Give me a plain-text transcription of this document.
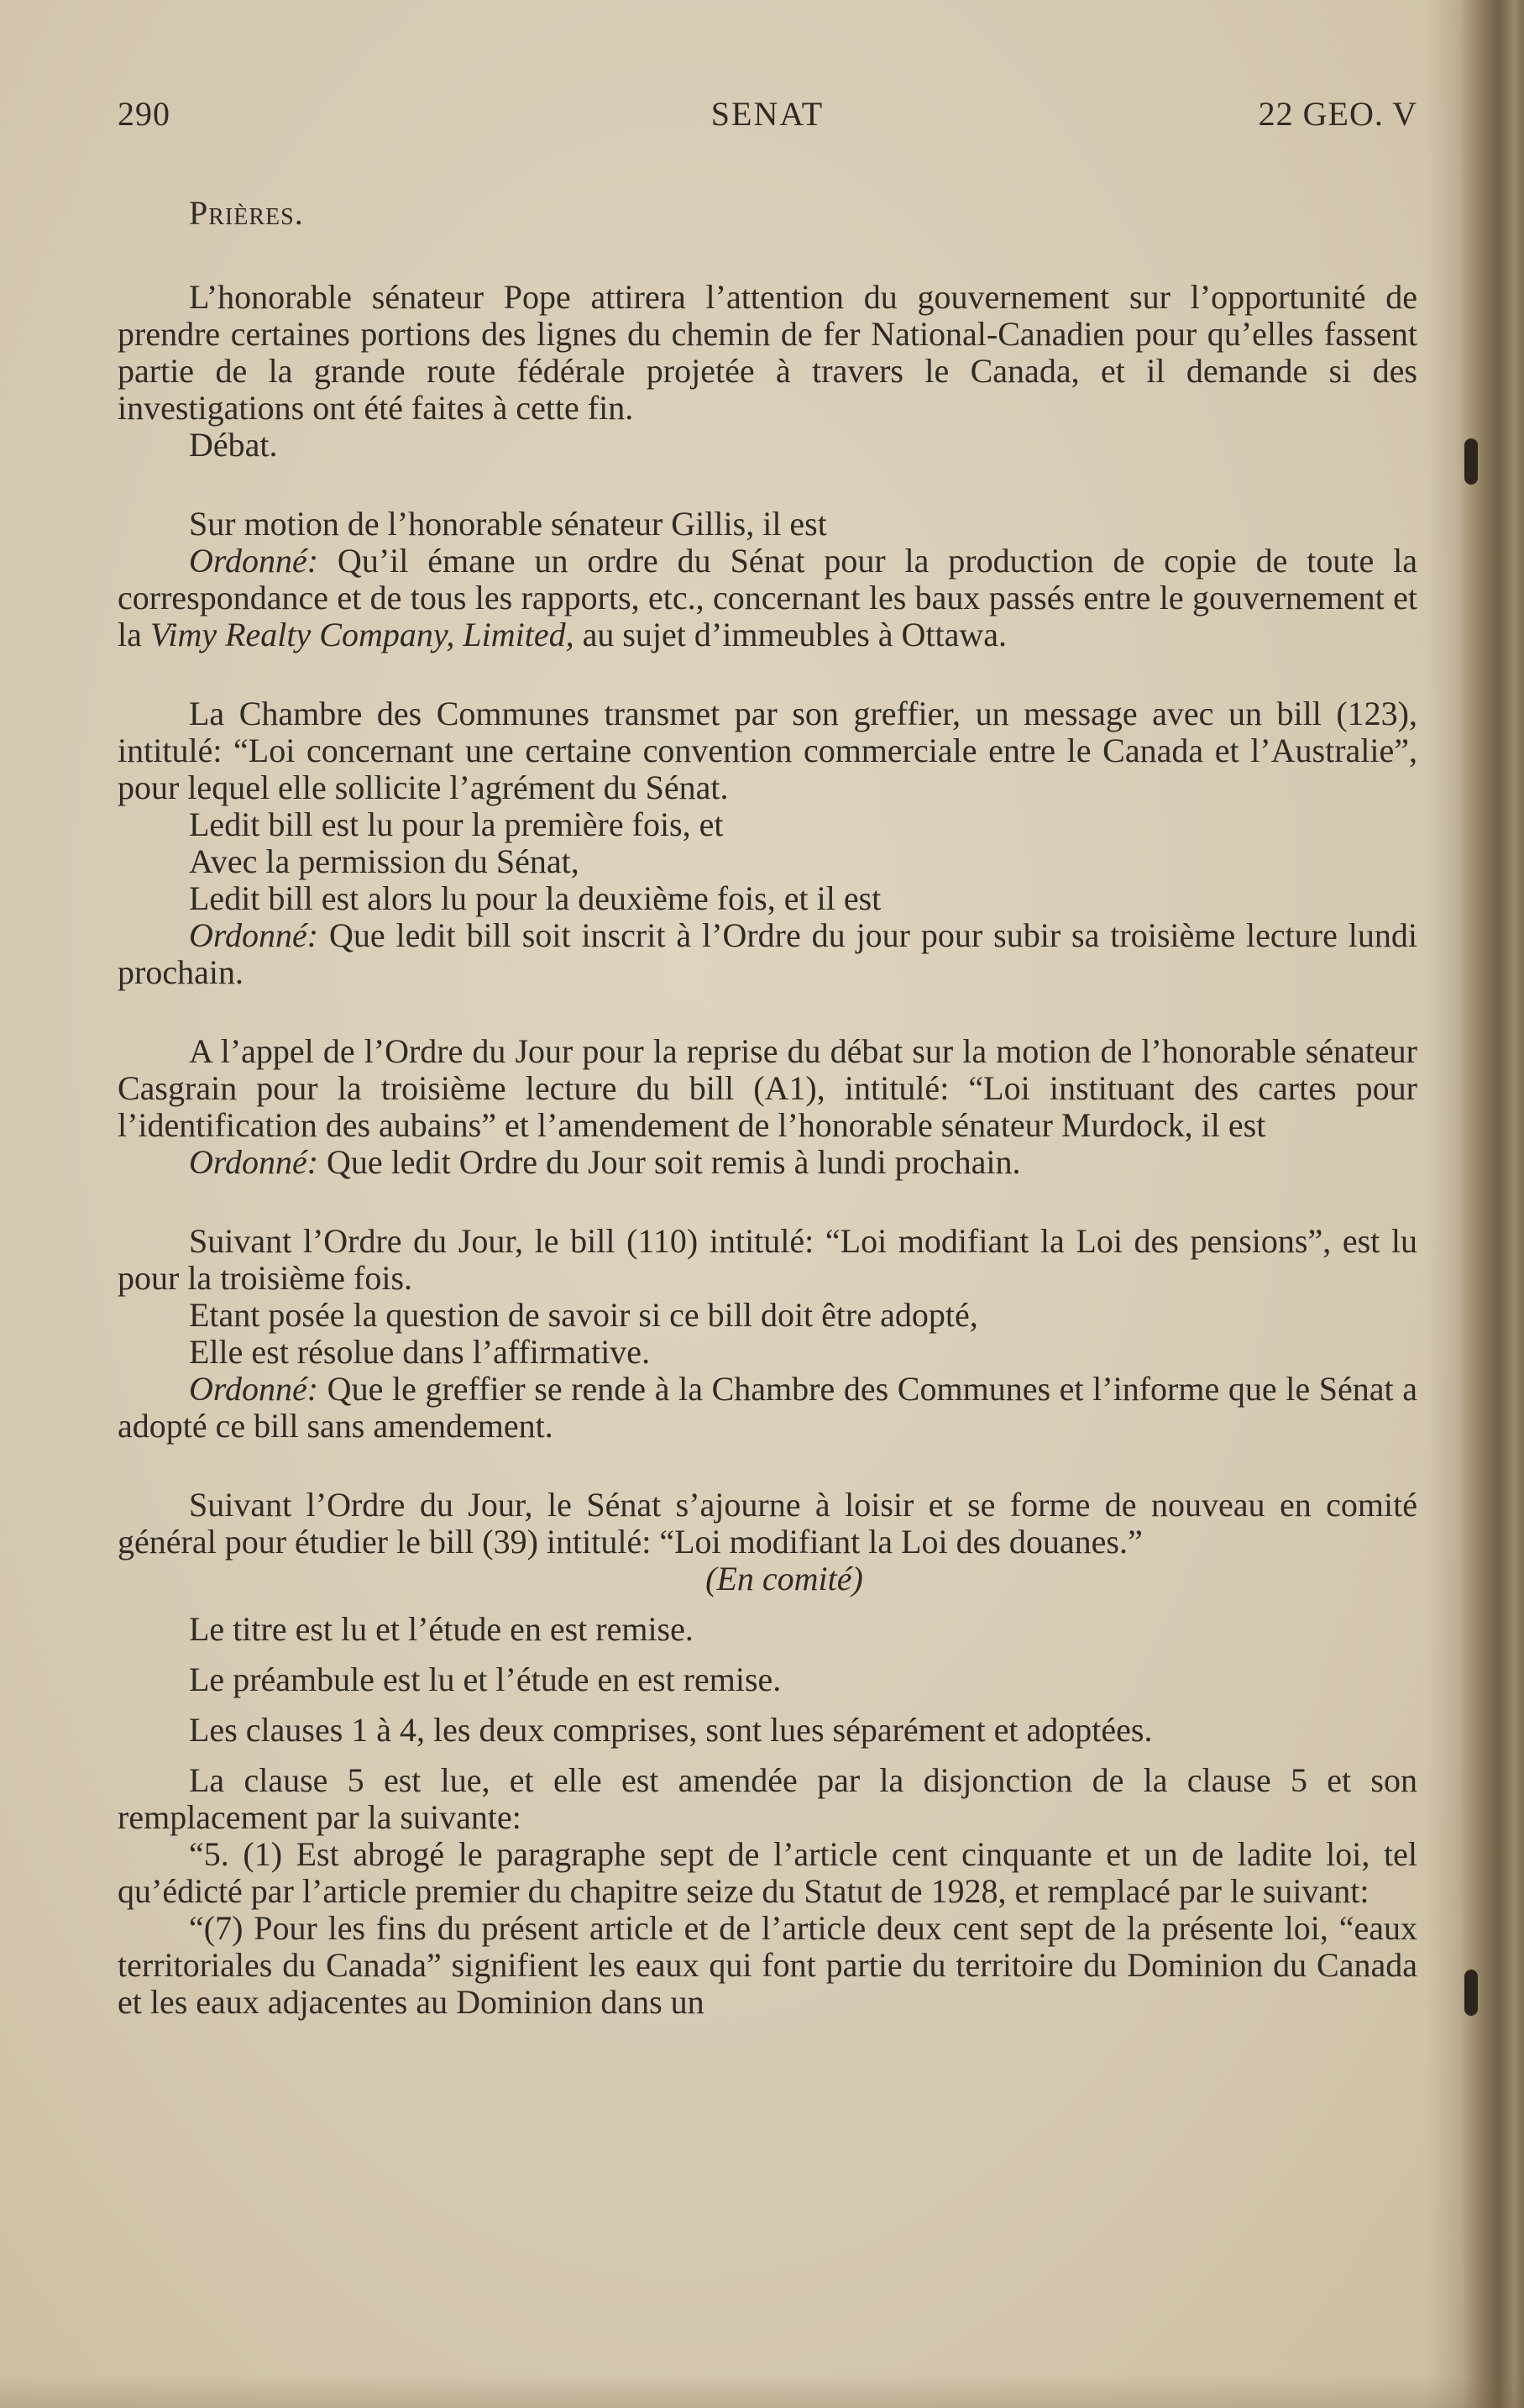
290	SENAT	22 GEO. V

Prières.

L’honorable sénateur Pope attirera l’attention du gouvernement sur l’opportunité de prendre certaines portions des lignes du chemin de fer National-Canadien pour qu’elles fassent partie de la grande route fédérale projetée à travers le Canada, et il demande si des investigations ont été faites à cette fin.

Débat.

Sur motion de l’honorable sénateur Gillis, il est

Ordonné: Qu’il émane un ordre du Sénat pour la production de copie de toute la correspondance et de tous les rapports, etc., concernant les baux passés entre le gouvernement et la Vimy Realty Company, Limited, au sujet d’immeubles à Ottawa.

La Chambre des Communes transmet par son greffier, un message avec un bill (123), intitulé: “Loi concernant une certaine convention commerciale entre le Canada et l’Australie”, pour lequel elle sollicite l’agrément du Sénat.

Ledit bill est lu pour la première fois, et

Avec la permission du Sénat,

Ledit bill est alors lu pour la deuxième fois, et il est

Ordonné: Que ledit bill soit inscrit à l’Ordre du jour pour subir sa troisième lecture lundi prochain.

A l’appel de l’Ordre du Jour pour la reprise du débat sur la motion de l’honorable sénateur Casgrain pour la troisième lecture du bill (A1), intitulé: “Loi instituant des cartes pour l’identification des aubains” et l’amendement de l’honorable sénateur Murdock, il est

Ordonné: Que ledit Ordre du Jour soit remis à lundi prochain.

Suivant l’Ordre du Jour, le bill (110) intitulé: “Loi modifiant la Loi des pensions”, est lu pour la troisième fois.

Etant posée la question de savoir si ce bill doit être adopté,

Elle est résolue dans l’affirmative.

Ordonné: Que le greffier se rende à la Chambre des Communes et l’informe que le Sénat a adopté ce bill sans amendement.

Suivant l’Ordre du Jour, le Sénat s’ajourne à loisir et se forme de nouveau en comité général pour étudier le bill (39) intitulé: “Loi modifiant la Loi des douanes.”

(En comité)

Le titre est lu et l’étude en est remise.

Le préambule est lu et l’étude en est remise.

Les clauses 1 à 4, les deux comprises, sont lues séparément et adoptées.

La clause 5 est lue, et elle est amendée par la disjonction de la clause 5 et son remplacement par la suivante:

“5. (1) Est abrogé le paragraphe sept de l’article cent cinquante et un de ladite loi, tel qu’édicté par l’article premier du chapitre seize du Statut de 1928, et remplacé par le suivant:

“(7) Pour les fins du présent article et de l’article deux cent sept de la présente loi, “eaux territoriales du Canada” signifient les eaux qui font partie du territoire du Dominion du Canada et les eaux adjacentes au Dominion dans un
